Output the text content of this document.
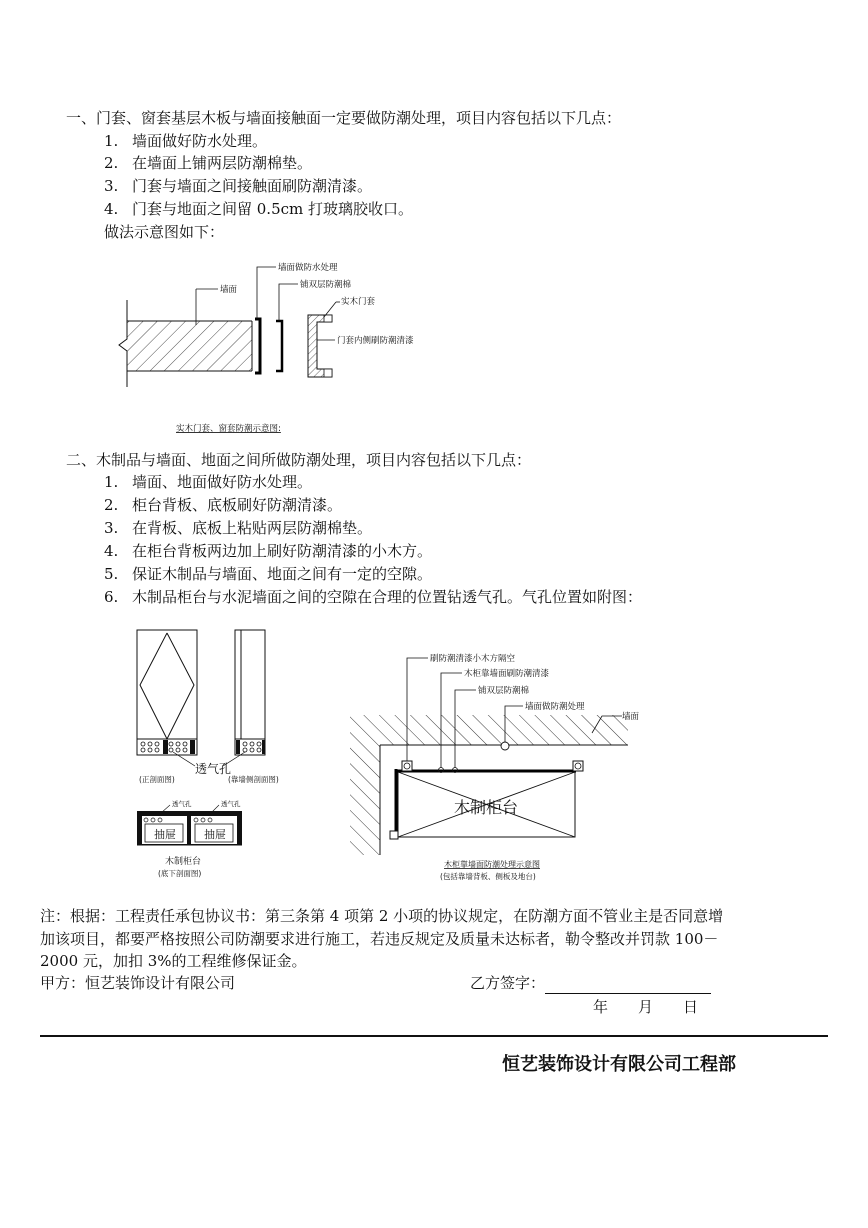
一、门套、窗套基层木板与墙面接触面一定要做防潮处理，项目内容包括以下几点：
1. 墙面做好防水处理。
2. 在墙面上铺两层防潮棉垫。
3. 门套与墙面之间接触面刷防潮清漆。
4. 门套与地面之间留 0.5cm 打玻璃胶收口。
做法示意图如下：
墙面
墙面做防水处理
铺双层防潮棉
实木门套
门套内侧刷防潮清漆
实木门套、窗套防潮示意图:
二、木制品与墙面、地面之间所做防潮处理，项目内容包括以下几点：
1. 墙面、地面做好防水处理。
2. 柜台背板、底板刷好防潮清漆。
3. 在背板、底板上粘贴两层防潮棉垫。
4. 在柜台背板两边加上刷好防潮清漆的小木方。
5. 保证木制品与墙面、地面之间有一定的空隙。
6. 木制品柜台与水泥墙面之间的空隙在合理的位置钻透气孔。气孔位置如附图：
透气孔
(正剖面图)	(靠墙侧剖面图)
透气孔	透气孔
抽屉	抽屉
木制柜台
(底下剖面图)
刷防潮清漆小木方隔空
木柜靠墙面刷防潮清漆
铺双层防潮棉
墙面做防潮处理
墙面
木制柜台
木柜靠墙面防潮处理示意图
(包括靠墙背板、侧板及地台)
注：根据：工程责任承包协议书：第三条第 4 项第 2 小项的协议规定，在防潮方面不管业主是否同意增
加该项目，都要严格按照公司防潮要求进行施工，若违反规定及质量未达标者，勒令整改并罚款 100－
2000 元，加扣 3%的工程维修保证金。
甲方：恒艺装饰设计有限公司	乙方签字：
年 月 日
恒艺装饰设计有限公司工程部
